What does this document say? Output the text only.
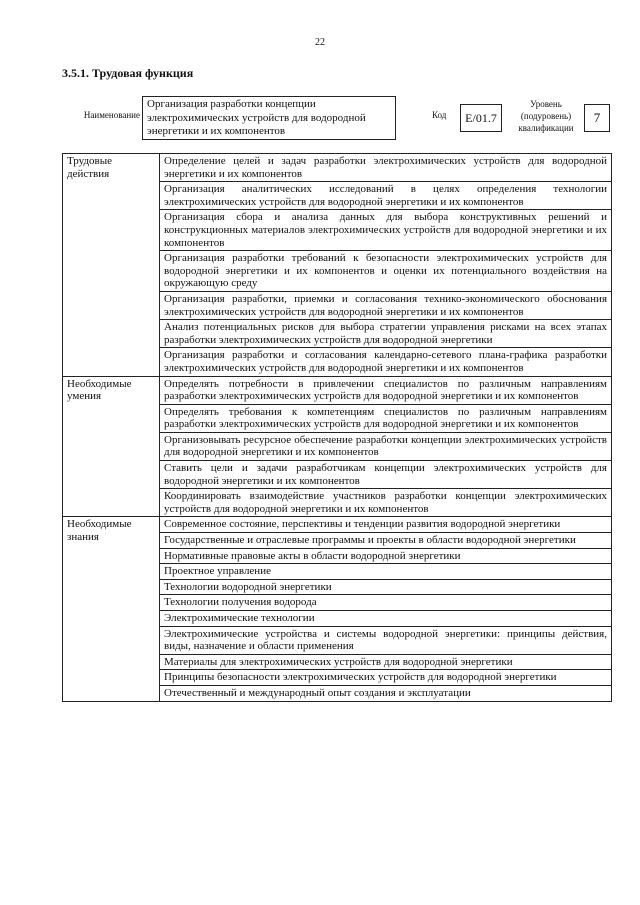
22
3.5.1. Трудовая функция
Наименование
Организация разработки концепции электрохимических устройств для водородной энергетики и их компонентов
Код	E/01.7
Уровень (подуровень) квалификации
7
Трудовые действия	Определение целей и задач разработки электрохимических устройств для водородной энергетики и их компонентов
	Организация аналитических исследований в целях определения технологии электрохимических устройств для водородной энергетики и их компонентов
	Организация сбора и анализа данных для выбора конструктивных решений и конструкционных материалов электрохимических устройств для водородной энергетики и их компонентов
	Организация разработки требований к безопасности электрохимических устройств для водородной энергетики и их компонентов и оценки их потенциального воздействия на окружающую среду
	Организация разработки, приемки и согласования технико-экономического обоснования электрохимических устройств для водородной энергетики и их компонентов
	Анализ потенциальных рисков для выбора стратегии управления рисками на всех этапах разработки электрохимических устройств для водородной энергетики
	Организация разработки и согласования календарно-сетевого плана-графика разработки электрохимических устройств для водородной энергетики и их компонентов
Необходимые умения	Определять потребности в привлечении специалистов по различным направлениям разработки электрохимических устройств для водородной энергетики и их компонентов
	Определять требования к компетенциям специалистов по различным направлениям разработки электрохимических устройств для водородной энергетики и их компонентов
	Организовывать ресурсное обеспечение разработки концепции электрохимических устройств для водородной энергетики и их компонентов
	Ставить цели и задачи разработчикам концепции электрохимических устройств для водородной энергетики и их компонентов
	Координировать взаимодействие участников разработки концепции электрохимических устройств для водородной энергетики и их компонентов
Необходимые знания	Современное состояние, перспективы и тенденции развития водородной энергетики
	Государственные и отраслевые программы и проекты в области водородной энергетики
	Нормативные правовые акты в области водородной энергетики
	Проектное управление
	Технологии водородной энергетики
	Технологии получения водорода
	Электрохимические технологии
	Электрохимические устройства и системы водородной энергетики: принципы действия, виды, назначение и области применения
	Материалы для электрохимических устройств для водородной энергетики
	Принципы безопасности электрохимических устройств для водородной энергетики
	Отечественный и международный опыт создания и эксплуатации
